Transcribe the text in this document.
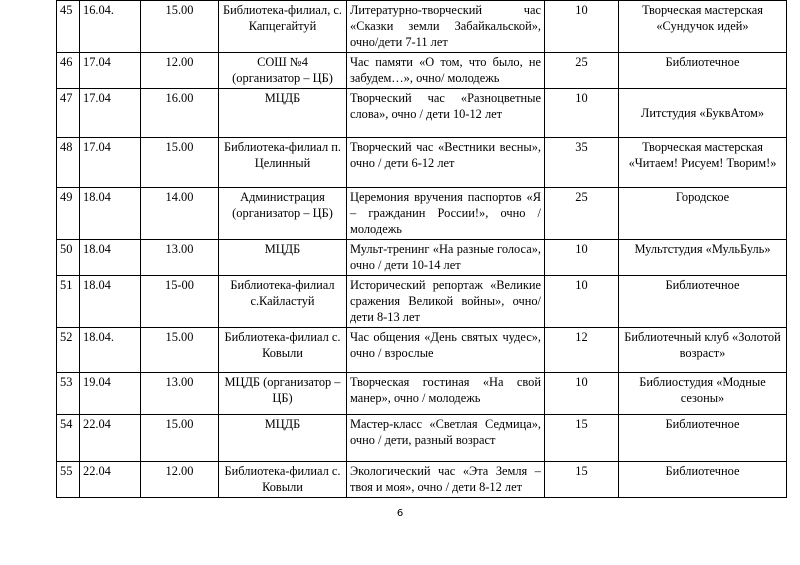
45	16.04.	15.00	Библиотека-филиал, с. Капцегайтуй	Литературно-творческий час «Сказки земли Забайкальской», очно/дети 7-11 лет	10	Творческая мастерская «Сундучок идей»
46	17.04	12.00	СОШ №4 (организатор – ЦБ)	Час памяти «О том, что было, не забудем…», очно/ молодежь	25	Библиотечное
47	17.04	16.00	МЦДБ	Творческий час «Разноцветные слова», очно / дети 10-12 лет	10	Литстудия «БуквАтом»
48	17.04	15.00	Библиотека-филиал п. Целинный	Творческий час «Вестники весны», очно / дети 6-12 лет	35	Творческая мастерская «Читаем! Рисуем! Творим!»
49	18.04	14.00	Администрация (организатор – ЦБ)	Церемония вручения паспортов «Я – гражданин России!», очно / молодежь	25	Городское
50	18.04	13.00	МЦДБ	Мульт-тренинг «На разные голоса», очно / дети 10-14 лет	10	Мультстудия «МульБуль»
51	18.04	15-00	Библиотека-филиал с.Кайластуй	Исторический репортаж «Великие сражения Великой войны», очно/ дети 8-13 лет	10	Библиотечное
52	18.04.	15.00	Библиотека-филиал с. Ковыли	Час общения «День святых чудес», очно / взрослые	12	Библиотечный клуб «Золотой возраст»
53	19.04	13.00	МЦДБ (организатор –ЦБ)	Творческая гостиная «На свой манер», очно / молодежь	10	Библиостудия «Модные сезоны»
54	22.04	15.00	МЦДБ	Мастер-класс «Светлая Седмица», очно / дети, разный возраст	15	Библиотечное
55	22.04	12.00	Библиотека-филиал с. Ковыли	Экологический час «Эта Земля – твоя и моя», очно / дети 8-12 лет	15	Библиотечное
6
